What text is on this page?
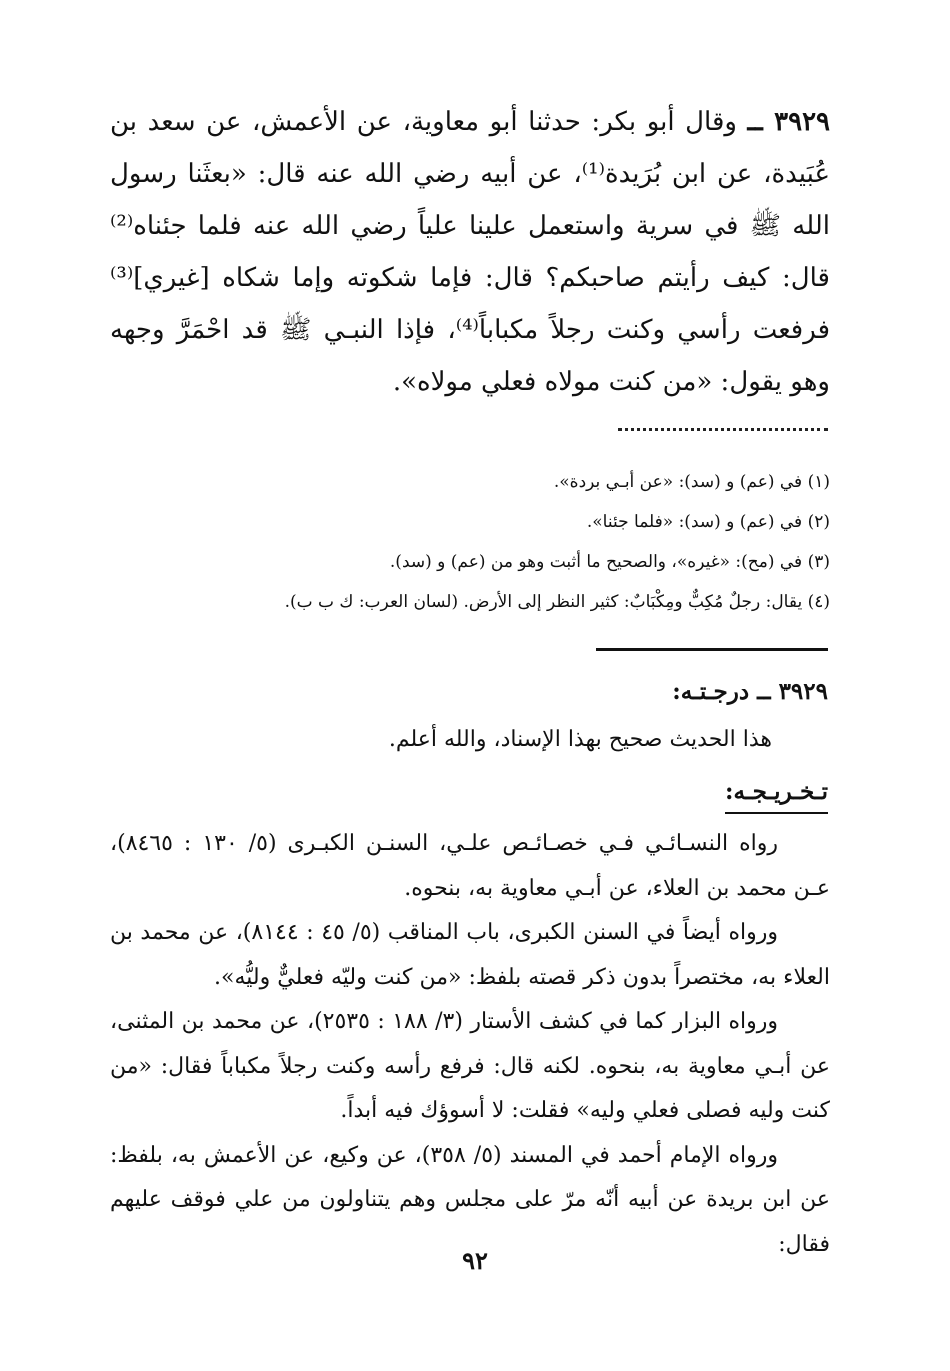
٣٩٢٩ ــ وقال أبو بكر: حدثنا أبو معاوية، عن الأعمش، عن سعد بن عُبَيدة، عن ابن بُرَيدة⁽¹⁾، عن أبيه رضي الله عنه قال: «بعثَنا رسول الله ﷺ في سرية واستعمل علينا علياً رضي الله عنه فلما جئناه⁽²⁾ قال: كيف رأيتم صاحبكم؟ قال: فإما شكوته وإما شكاه [غيري]⁽³⁾ فرفعت رأسي وكنت رجلاً مكباباً⁽⁴⁾، فإذا النبـي ﷺ قد احْمَرَّ وجهه وهو يقول: «من كنت مولاه فعلي مولاه».

(١) في (عم) و (سد): «عن أبـي بردة».

(٢) في (عم) و (سد): «فلما جئنا».

(٣) في (مح): «غيره»، والصحيح ما أثبت وهو من (عم) و (سد).

(٤) يقال: رجلٌ مُكِبٌّ ومِكْبَابٌ: كثير النظر إلى الأرض. (لسان العرب: ك ب ب).

٣٩٢٩ ــ درجـتـه:
هذا الحديث صحيح بهذا الإسناد، والله أعلم.
تـخـريـجـه:

رواه النسـائـي فـي خصـائـص علـي، السنـن الكبـرى (٥/ ١٣٠ : ٨٤٦٥)، عـن محمد بن العلاء، عن أبـي معاوية به، بنحوه.

ورواه أيضاً في السنن الكبرى، باب المناقب (٥/ ٤٥ : ٨١٤٤)، عن محمد بن العلاء به، مختصراً بدون ذكر قصته بلفظ: «من كنت وليّه فعليٌّ وليُّه».

ورواه البزار كما في كشف الأستار (٣/ ١٨٨ : ٢٥٣٥)، عن محمد بن المثنى، عن أبـي معاوية به، بنحوه. لكنه قال: فرفع رأسه وكنت رجلاً مكباباً فقال: «من كنت وليه فصلى فعلي وليه» فقلت: لا أسوؤك فيه أبداً.

ورواه الإمام أحمد في المسند (٥/ ٣٥٨)، عن وكيع، عن الأعمش به، بلفظ: عن ابن بريدة عن أبيه أنّه مرّ على مجلس وهم يتناولون من علي فوقف عليهم فقال:

٩٢
